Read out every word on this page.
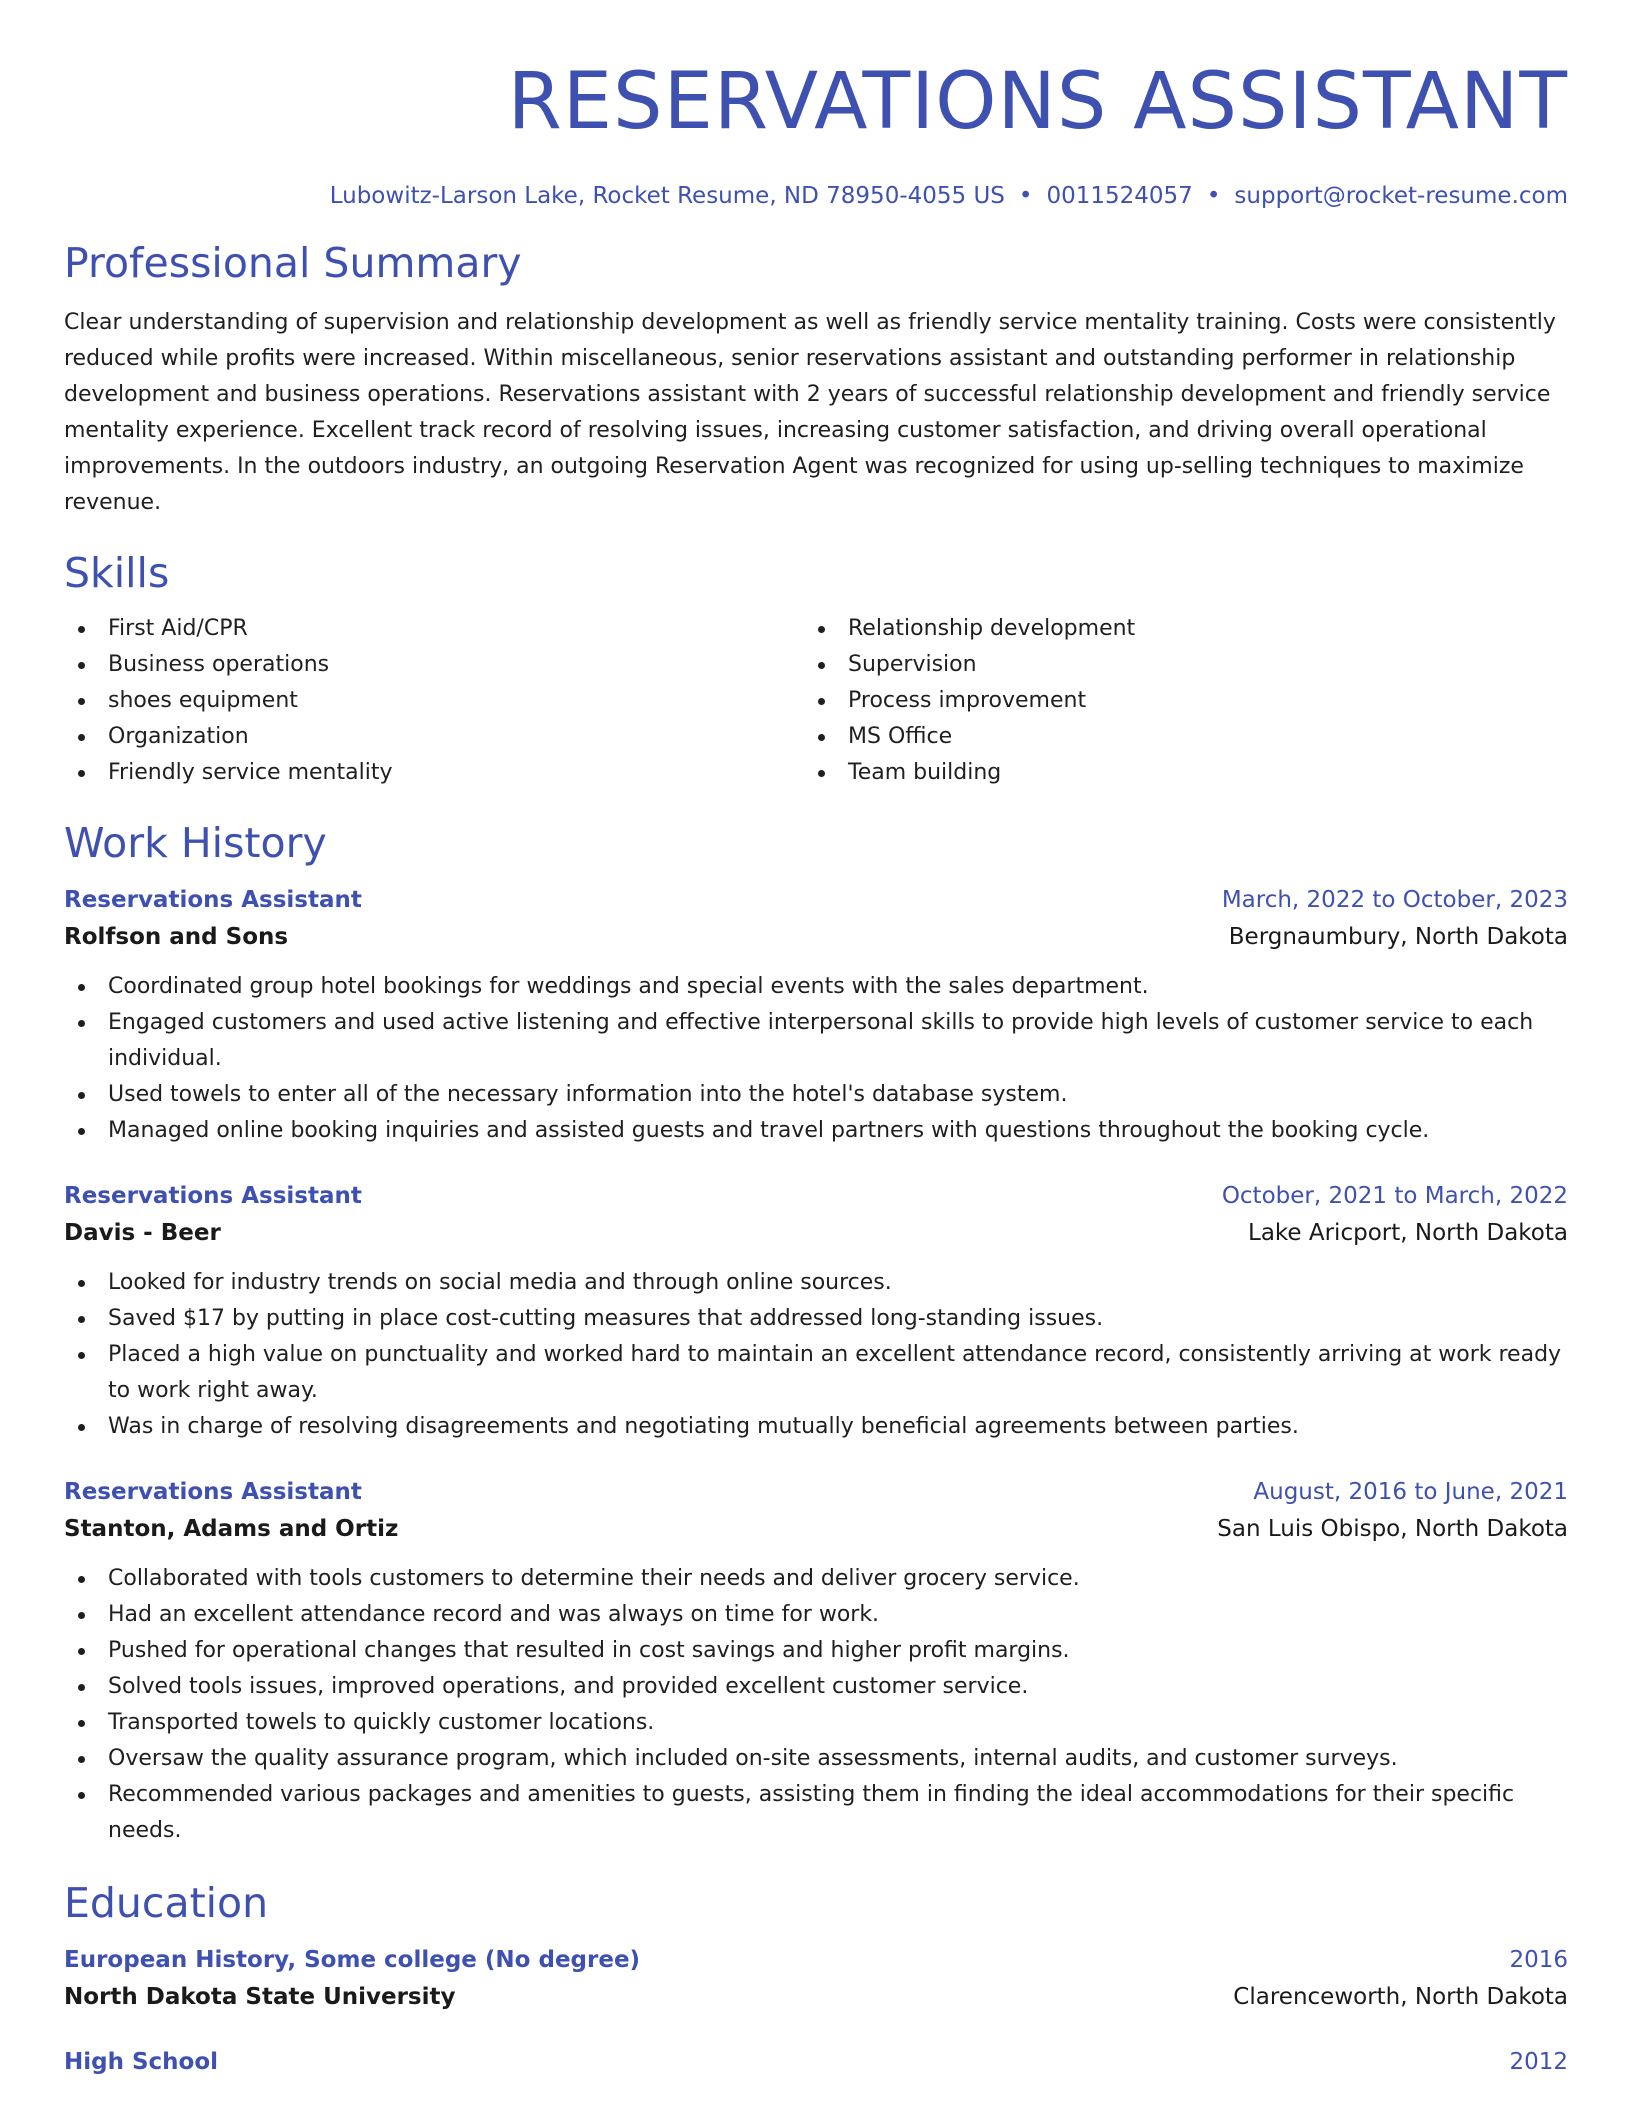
RESERVATIONS ASSISTANT
Lubowitz-Larson Lake, Rocket Resume, ND 78950-4055 US • 0011524057 • support@rocket-resume.com
Professional Summary

Clear understanding of supervision and relationship development as well as friendly service mentality training. Costs were consistently reduced while profits were increased. Within miscellaneous, senior reservations assistant and outstanding performer in relationship development and business operations. Reservations assistant with 2 years of successful relationship development and friendly service mentality experience. Excellent track record of resolving issues, increasing customer satisfaction, and driving overall operational improvements. In the outdoors industry, an outgoing Reservation Agent was recognized for using up-selling techniques to maximize revenue.

Skills
First Aid/CPR
Business operations
shoes equipment
Organization
Friendly service mentality
Relationship development
Supervision
Process improvement
MS Office
Team building
Work History
Reservations Assistant	March, 2022 to October, 2023
Rolfson and Sons	Bergnaumbury, North Dakota
Coordinated group hotel bookings for weddings and special events with the sales department.
Engaged customers and used active listening and effective interpersonal skills to provide high levels of customer service to each individual.
Used towels to enter all of the necessary information into the hotel's database system.
Managed online booking inquiries and assisted guests and travel partners with questions throughout the booking cycle.
Reservations Assistant	October, 2021 to March, 2022
Davis - Beer	Lake Aricport, North Dakota
Looked for industry trends on social media and through online sources.
Saved $17 by putting in place cost-cutting measures that addressed long-standing issues.
Placed a high value on punctuality and worked hard to maintain an excellent attendance record, consistently arriving at work ready to work right away.
Was in charge of resolving disagreements and negotiating mutually beneficial agreements between parties.
Reservations Assistant	August, 2016 to June, 2021
Stanton, Adams and Ortiz	San Luis Obispo, North Dakota
Collaborated with tools customers to determine their needs and deliver grocery service.
Had an excellent attendance record and was always on time for work.
Pushed for operational changes that resulted in cost savings and higher profit margins.
Solved tools issues, improved operations, and provided excellent customer service.
Transported towels to quickly customer locations.
Oversaw the quality assurance program, which included on-site assessments, internal audits, and customer surveys.
Recommended various packages and amenities to guests, assisting them in finding the ideal accommodations for their specific needs.
Education
European History, Some college (No degree)	2016
North Dakota State University	Clarenceworth, North Dakota
High School	2012
